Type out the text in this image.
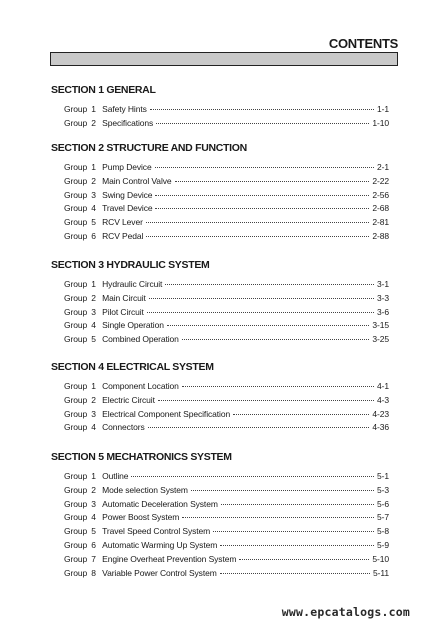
CONTENTS
SECTION 1 GENERAL
Group 1 Safety Hints	1-1
Group 2 Specifications	1-10
SECTION 2 STRUCTURE AND FUNCTION
Group 1 Pump Device	2-1
Group 2 Main Control Valve	2-22
Group 3 Swing Device	2-56
Group 4 Travel Device	2-68
Group 5 RCV Lever	2-81
Group 6 RCV Pedal	2-88
SECTION 3 HYDRAULIC SYSTEM
Group 1 Hydraulic Circuit	3-1
Group 2 Main Circuit	3-3
Group 3 Pilot Circuit	3-6
Group 4 Single Operation	3-15
Group 5 Combined Operation	3-25
SECTION 4 ELECTRICAL SYSTEM
Group 1 Component Location	4-1
Group 2 Electric Circuit	4-3
Group 3 Electrical Component Specification	4-23
Group 4 Connectors	4-36
SECTION 5 MECHATRONICS SYSTEM
Group 1 Outline	5-1
Group 2 Mode selection System	5-3
Group 3 Automatic Deceleration System	5-6
Group 4 Power Boost System	5-7
Group 5 Travel Speed Control System	5-8
Group 6 Automatic Warming Up System	5-9
Group 7 Engine Overheat Prevention System	5-10
Group 8 Variable Power Control System	5-11
www.epcatalogs.com
